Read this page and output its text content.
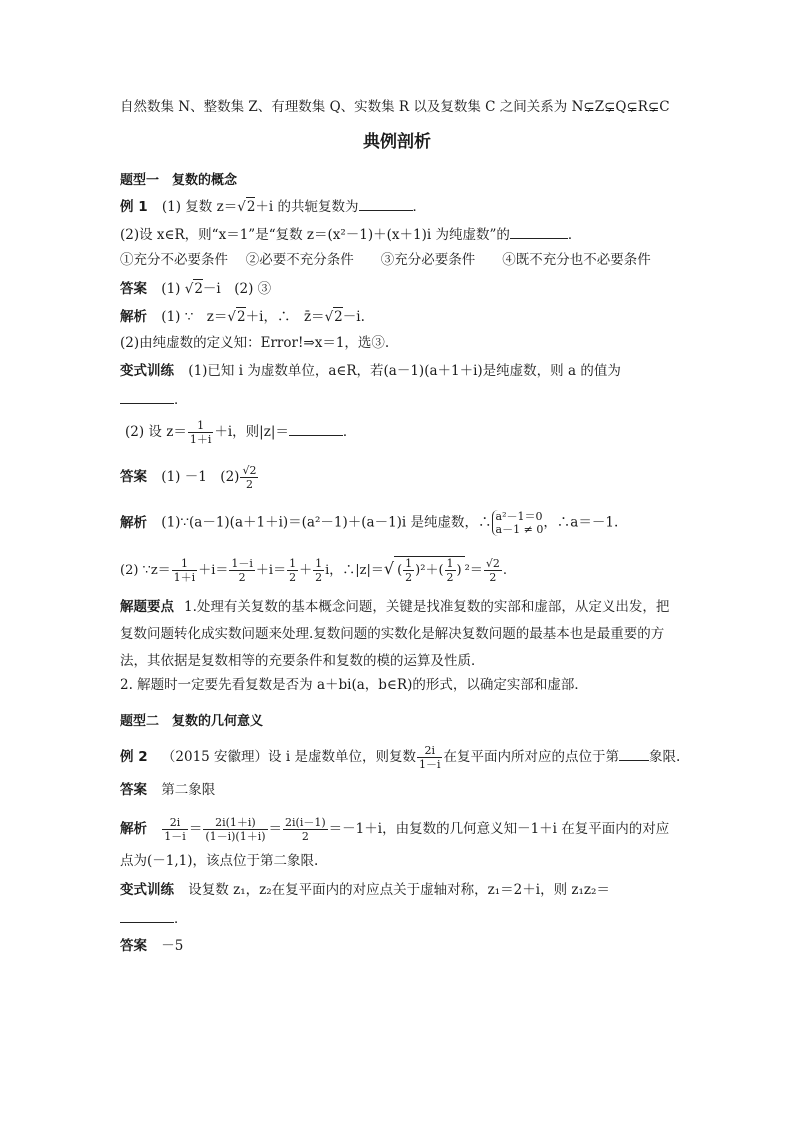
自然数集 N、整数集 Z、有理数集 Q、实数集 R 以及复数集 C 之间关系为 N⊊Z⊊Q⊊R⊊C
典例剖析
题型一　复数的概念
例 1 (1) 复数 z＝√2＋i 的共轭复数为	．
(2)设 x∈R，则“x＝1”是“复数 z＝(x²－1)＋(x＋1)i 为纯虚数”的	．
①充分不必要条件　 ②必要不充分条件　　③充分必要条件　　④既不充分也不必要条件
答案 (1) √2－i　(2) ③
解析 (1) ∵　z＝√2＋i，∴　z̄＝√2－i.
(2)由纯虚数的定义知：Error!⇒x＝1，选③.
变式训练 (1)已知 i 为虚数单位，a∈R，若(a－1)(a＋1＋i)是纯虚数，则 a 的值为
．
(2) 设 $z= \frac{1}{1+i} +i$，则|z|＝	．
答案 (1) －1　$(2) \frac{√2}{2}$
解析 (1)∵(a－1)(a＋1＋i)＝(a²－1)＋(a－1)i 是纯虚数，∴ a²－1＝0
a－1 ≠ 0 ，∴a＝－1.
(2) ∵z＝ $\frac{1}{1+i} +i= \frac{1-i}{2} +i= \frac{1}{2} + \frac{1}{2}$ i，∴|z|＝√ ( $\frac{1}{2} )^2+( \frac{1}{2}$ ) $^2= \frac{√2}{2}$ .
解题要点 1.处理有关复数的基本概念问题，关键是找准复数的实部和虚部，从定义出发，把复数问题转化成实数问题来处理.复数问题的实数化是解决复数问题的最基本也是最重要的方法，其依据是复数相等的充要条件和复数的模的运算及性质．
2. 解题时一定要先看复数是否为 a＋bi(a，b∈R)的形式，以确定实部和虚部．
题型二　复数的几何意义
例 2 （2015 安徽理）设 i 是虚数单位，则复数 $\frac{2i}{1-i}$ 在复平面内所对应的点位于第 象限.
答案 第二象限
解析 $\frac{2i}{1-i} = \frac{2i(1+i)}{(1-i)(1+i)} = \frac{2i(i-1)}{2} =-1+i$，由复数的几何意义知－1＋i 在复平面内的对应
点为(－1,1)，该点位于第二象限.
变式训练 设复数 z₁，z₂在复平面内的对应点关于虚轴对称，z₁＝2＋i，则 z₁z₂＝
．
答案 －5
